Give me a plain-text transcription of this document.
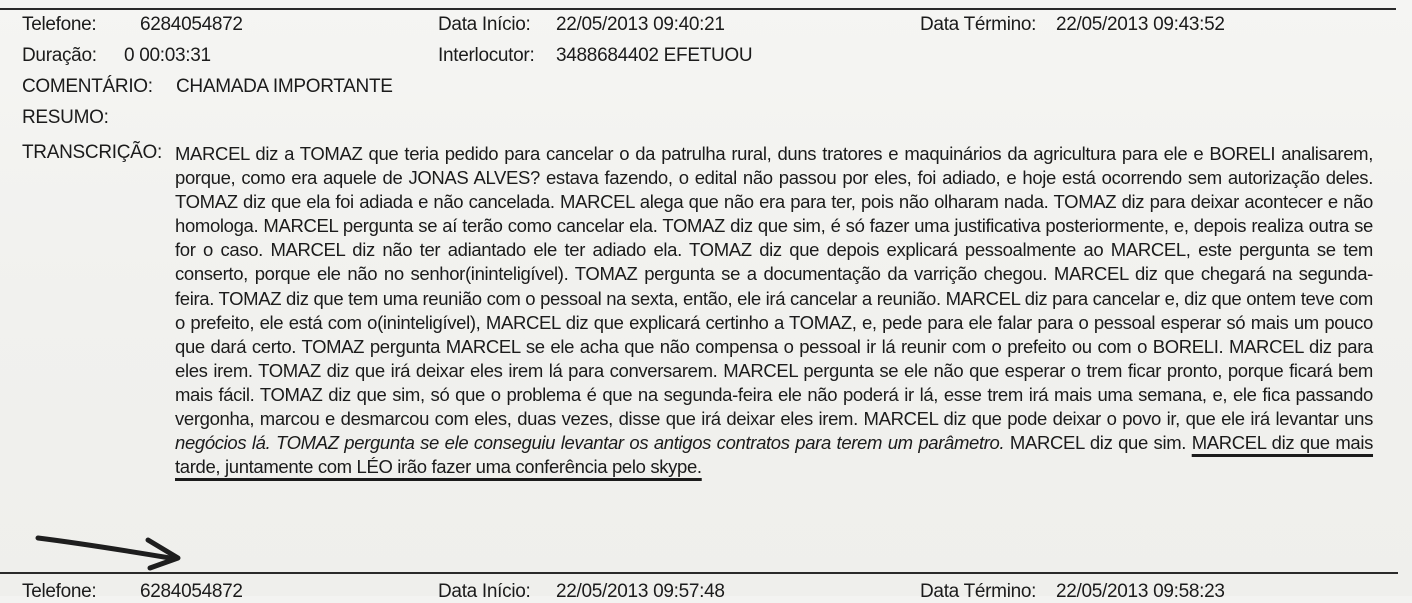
Telefone: 6284054872	Data Início: 22/05/2013 09:40:21	Data Término: 22/05/2013 09:43:52
Duração: 0 00:03:31	Interlocutor: 3488684402 EFETUOU
COMENTÁRIO: CHAMADA IMPORTANTE
RESUMO:
TRANSCRIÇÃO: MARCEL diz a TOMAZ que teria pedido para cancelar o da patrulha rural, duns tratores e maquinários da agricultura para ele e BORELI analisarem, porque, como era aquele de JONAS ALVES? estava fazendo, o edital não passou por eles, foi adiado, e hoje está ocorrendo sem autorização deles. TOMAZ diz que ela foi adiada e não cancelada. MARCEL alega que não era para ter, pois não olharam nada. TOMAZ diz para deixar acontecer e não homologa. MARCEL pergunta se aí terão como cancelar ela. TOMAZ diz que sim, é só fazer uma justificativa posteriormente, e, depois realiza outra se for o caso. MARCEL diz não ter adiantado ele ter adiado ela. TOMAZ diz que depois explicará pessoalmente ao MARCEL, este pergunta se tem conserto, porque ele não no senhor(ininteligível). TOMAZ pergunta se a documentação da varrição chegou. MARCEL diz que chegará na segunda-feira. TOMAZ diz que tem uma reunião com o pessoal na sexta, então, ele irá cancelar a reunião. MARCEL diz para cancelar e, diz que ontem teve com o prefeito, ele está com o(ininteligível), MARCEL diz que explicará certinho a TOMAZ, e, pede para ele falar para o pessoal esperar só mais um pouco que dará certo. TOMAZ pergunta MARCEL se ele acha que não compensa o pessoal ir lá reunir com o prefeito ou com o BORELI. MARCEL diz para eles irem. TOMAZ diz que irá deixar eles irem lá para conversarem. MARCEL pergunta se ele não que esperar o trem ficar pronto, porque ficará bem mais fácil. TOMAZ diz que sim, só que o problema é que na segunda-feira ele não poderá ir lá, esse trem irá mais uma semana, e, ele fica passando vergonha, marcou e desmarcou com eles, duas vezes, disse que irá deixar eles irem. MARCEL diz que pode deixar o povo ir, que ele irá levantar uns negócios lá. TOMAZ pergunta se ele conseguiu levantar os antigos contratos para terem um parâmetro. MARCEL diz que sim. MARCEL diz que mais tarde, juntamente com LÉO irão fazer uma conferência pelo skype.
Telefone: 6284054872	Data Início: 22/05/2013 09:57:48	Data Término: 22/05/2013 09:58:23
